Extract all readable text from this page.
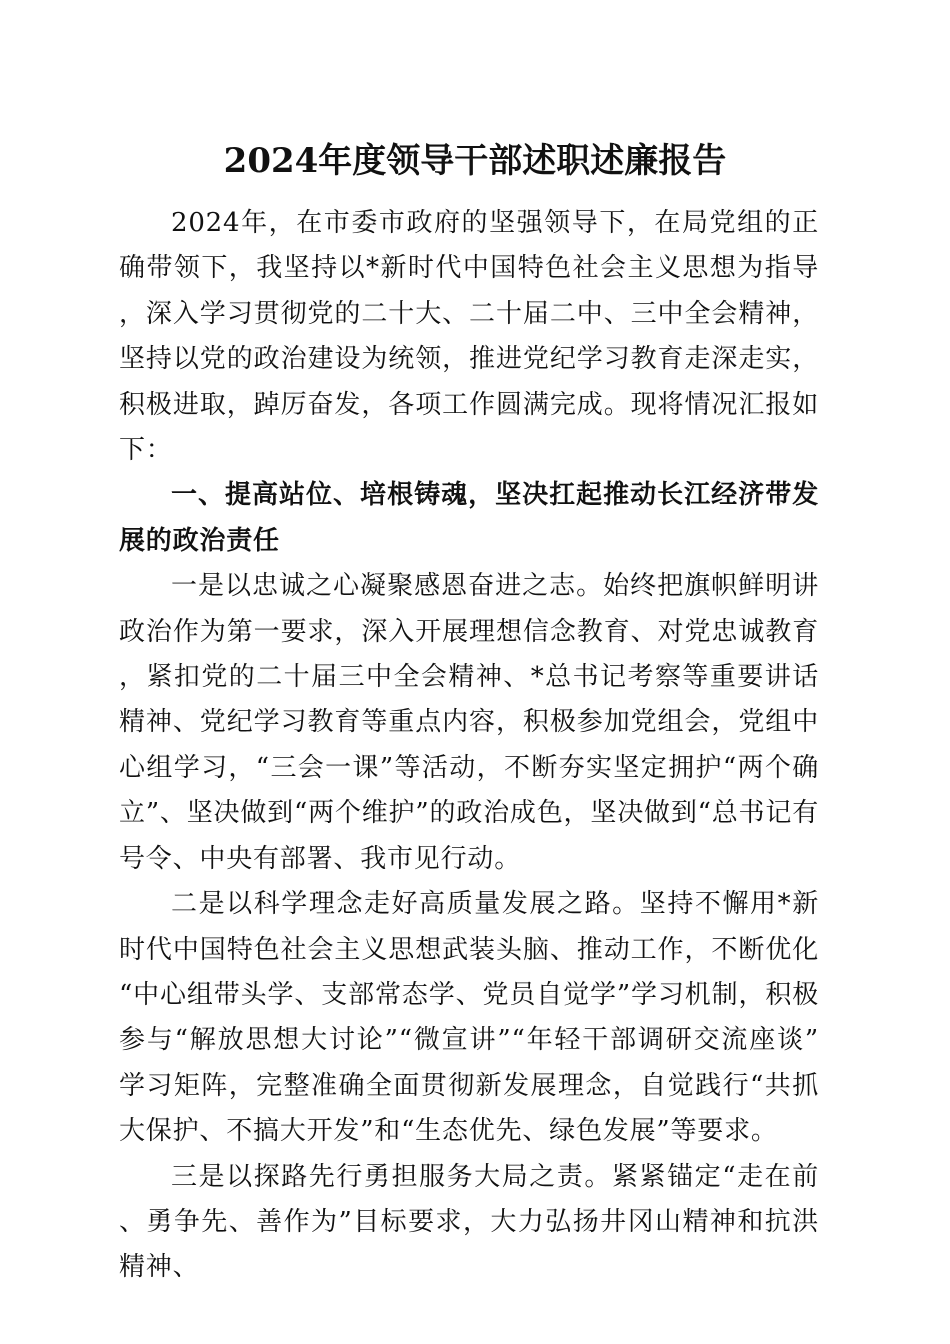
2024年度领导干部述职述廉报告

2024年，在市委市政府的坚强领导下，在局党组的正确带领下，我坚持以*新时代中国特色社会主义思想为指导，深入学习贯彻党的二十大、二十届二中、三中全会精神，坚持以党的政治建设为统领，推进党纪学习教育走深走实，积极进取，踔厉奋发，各项工作圆满完成。现将情况汇报如下：

一、提高站位、培根铸魂，坚决扛起推动长江经济带发展的政治责任

一是以忠诚之心凝聚感恩奋进之志。始终把旗帜鲜明讲政治作为第一要求，深入开展理想信念教育、对党忠诚教育，紧扣党的二十届三中全会精神、*总书记考察等重要讲话精神、党纪学习教育等重点内容，积极参加党组会，党组中心组学习，“三会一课”等活动，不断夯实坚定拥护“两个确立”、坚决做到“两个维护”的政治成色，坚决做到“总书记有号令、中央有部署、我市见行动。

二是以科学理念走好高质量发展之路。坚持不懈用*新时代中国特色社会主义思想武装头脑、推动工作，不断优化“中心组带头学、支部常态学、党员自觉学”学习机制，积极参与“解放思想大讨论”“微宣讲”“年轻干部调研交流座谈”学习矩阵，完整准确全面贯彻新发展理念，自觉践行“共抓大保护、不搞大开发”和“生态优先、绿色发展”等要求。

三是以探路先行勇担服务大局之责。紧紧锚定“走在前、勇争先、善作为”目标要求，大力弘扬井冈山精神和抗洪精神、
